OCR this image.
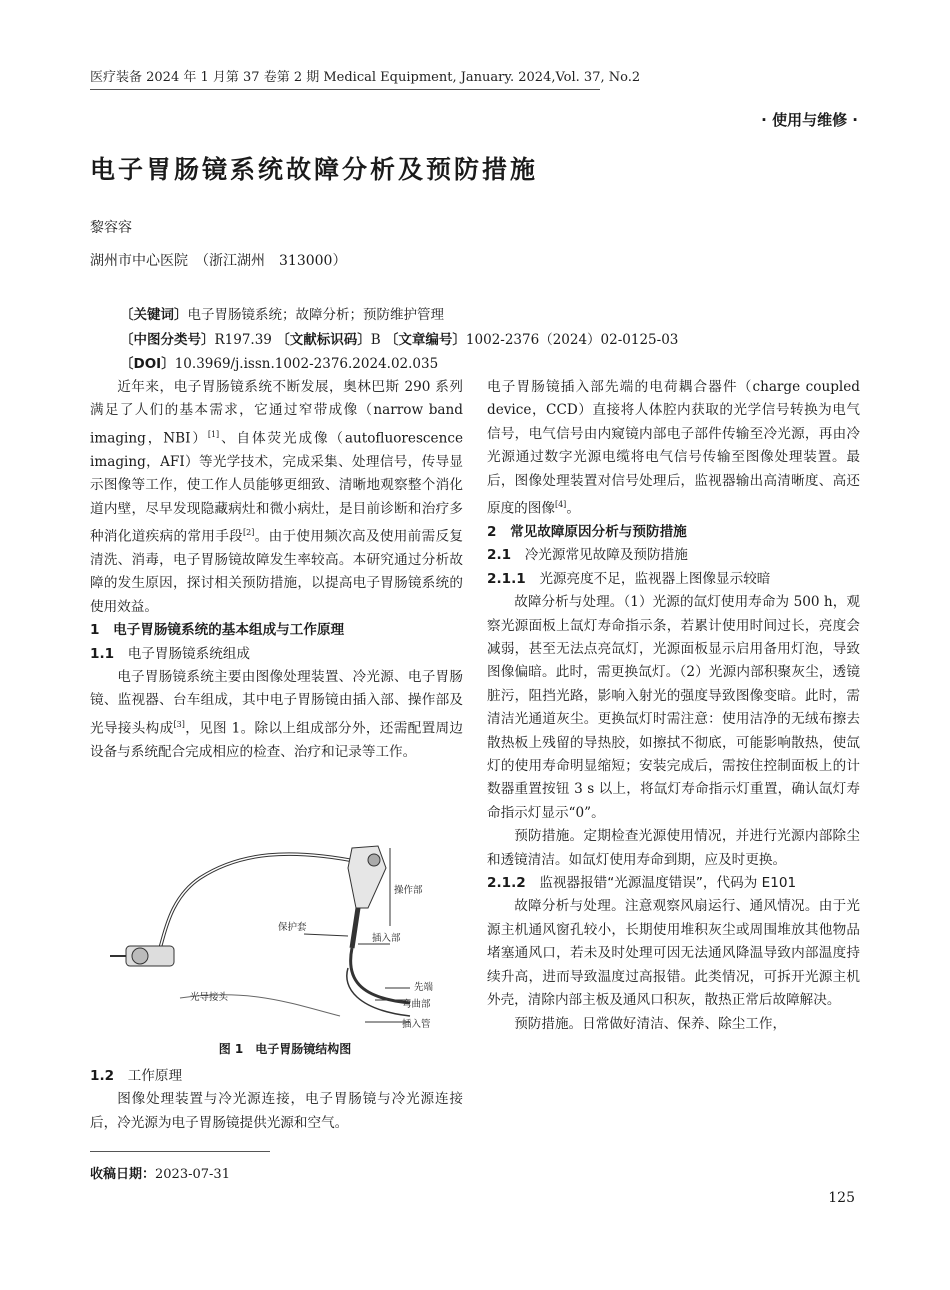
医疗装备 2024 年 1 月第 37 卷第 2 期 Medical Equipment, January. 2024,Vol. 37, No.2
· 使用与维修 ·
电子胃肠镜系统故障分析及预防措施
黎容容
湖州市中心医院　（浙江湖州　313000）
〔关键词〕电子胃肠镜系统；故障分析；预防维护管理
〔中图分类号〕R197.39 〔文献标识码〕B 〔文章编号〕1002-2376（2024）02-0125-03
〔DOI〕10.3969/j.issn.1002-2376.2024.02.035

近年来，电子胃肠镜系统不断发展，奥林巴斯 290 系列满足了人们的基本需求，它通过窄带成像（narrow band imaging，NBI）[1]、自体荧光成像（autofluorescence imaging，AFI）等光学技术，完成采集、处理信号，传导显示图像等工作，使工作人员能够更细致、清晰地观察整个消化道内壁，尽早发现隐藏病灶和微小病灶，是目前诊断和治疗多种消化道疾病的常用手段[2]。由于使用频次高及使用前需反复清洗、消毒，电子胃肠镜故障发生率较高。本研究通过分析故障的发生原因，探讨相关预防措施，以提高电子胃肠镜系统的使用效益。

1　 电子胃肠镜系统的基本组成与工作原理

1.1　 电子胃肠镜系统组成

电子胃肠镜系统主要由图像处理装置、冷光源、电子胃肠镜、监视器、台车组成，其中电子胃肠镜由插入部、操作部及光导接头构成[3]，见图 1。除以上组成部分外，还需配置周边设备与系统配合完成相应的检查、治疗和记录等工作。

操作部
保护套
插入部
先端
弯曲部
插入管
光导接头
图 1　电子胃肠镜结构图

1.2　 工作原理

图像处理装置与冷光源连接，电子胃肠镜与冷光源连接后，冷光源为电子胃肠镜提供光源和空气。

电子胃肠镜插入部先端的电荷耦合器件（charge coupled device，CCD）直接将人体腔内获取的光学信号转换为电气信号，电气信号由内窥镜内部电子部件传输至冷光源，再由冷光源通过数字光源电缆将电气信号传输至图像处理装置。最后，图像处理装置对信号处理后，监视器输出高清晰度、高还原度的图像[4]。

2　 常见故障原因分析与预防措施

2.1　 冷光源常见故障及预防措施

2.1.1　 光源亮度不足，监视器上图像显示较暗

故障分析与处理。（1）光源的氙灯使用寿命为 500 h，观察光源面板上氙灯寿命指示条，若累计使用时间过长，亮度会减弱，甚至无法点亮氙灯，光源面板显示启用备用灯泡，导致图像偏暗。此时，需更换氙灯。（2）光源内部积聚灰尘，透镜脏污，阻挡光路，影响入射光的强度导致图像变暗。此时，需清洁光通道灰尘。更换氙灯时需注意：使用洁净的无绒布擦去散热板上残留的导热胶，如擦拭不彻底，可能影响散热，使氙灯的使用寿命明显缩短；安装完成后，需按住控制面板上的计数器重置按钮 3 s 以上，将氙灯寿命指示灯重置，确认氙灯寿命指示灯显示“0”。

预防措施。定期检查光源使用情况，并进行光源内部除尘和透镜清洁。如氙灯使用寿命到期，应及时更换。

2.1.2　 监视器报错“光源温度错误”，代码为 E101

故障分析与处理。注意观察风扇运行、通风情况。由于光源主机通风窗孔较小，长期使用堆积灰尘或周围堆放其他物品堵塞通风口，若未及时处理可因无法通风降温导致内部温度持续升高，进而导致温度过高报错。此类情况，可拆开光源主机外壳，清除内部主板及通风口积灰，散热正常后故障解决。

预防措施。日常做好清洁、保养、除尘工作，

收稿日期：2023-07-31
125
